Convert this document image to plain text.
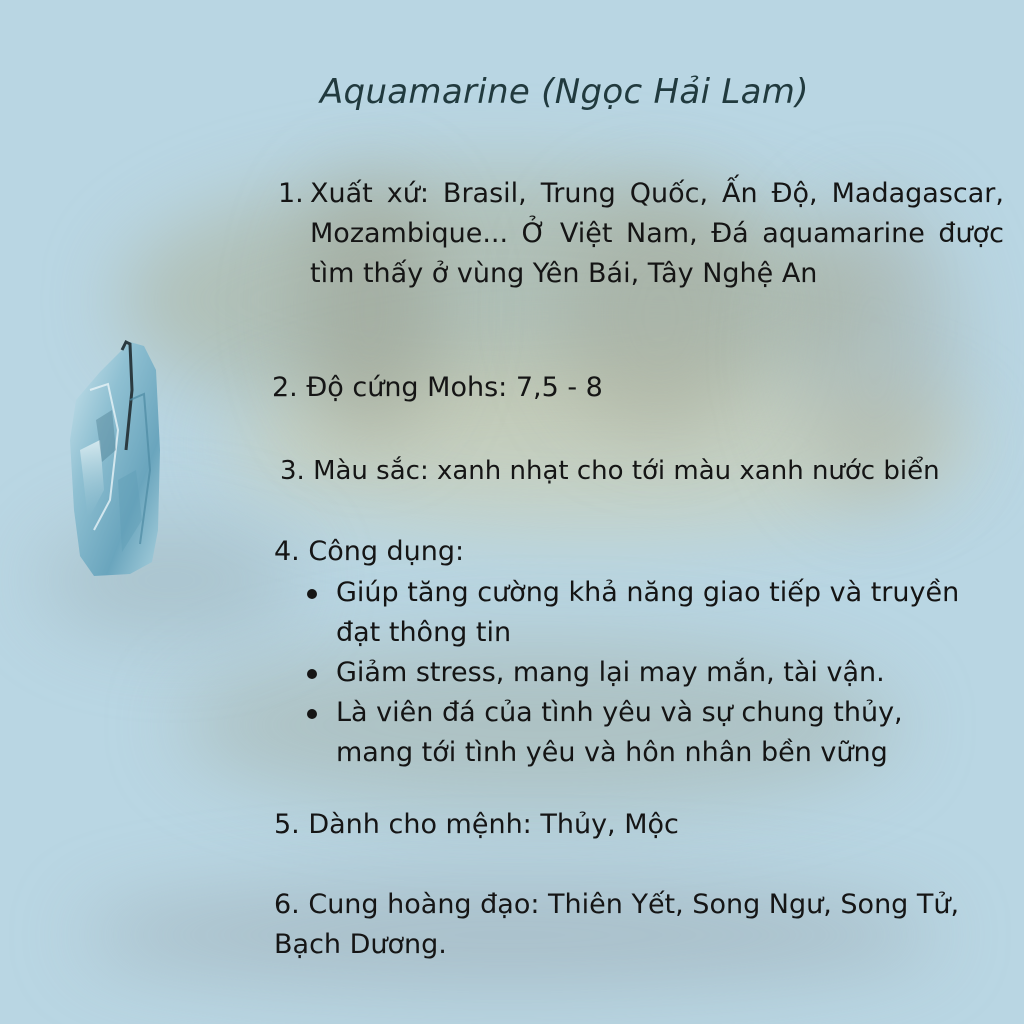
Aquamarine (Ngọc Hải Lam)
1. Xuất xứ: Brasil, Trung Quốc, Ấn Độ, Madagascar, Mozambique... Ở Việt Nam, Đá aquamarine được tìm thấy ở vùng Yên Bái, Tây Nghệ An
2. Độ cứng Mohs: 7,5 - 8
3. Màu sắc: xanh nhạt cho tới màu xanh nước biển
4. Công dụng:
Giúp tăng cường khả năng giao tiếp và truyền đạt thông tin
Giảm stress, mang lại may mắn, tài vận.
Là viên đá của tình yêu và sự chung thủy, mang tới tình yêu và hôn nhân bền vững
5. Dành cho mệnh: Thủy, Mộc
6. Cung hoàng đạo: Thiên Yết, Song Ngư, Song Tử, Bạch Dương.
